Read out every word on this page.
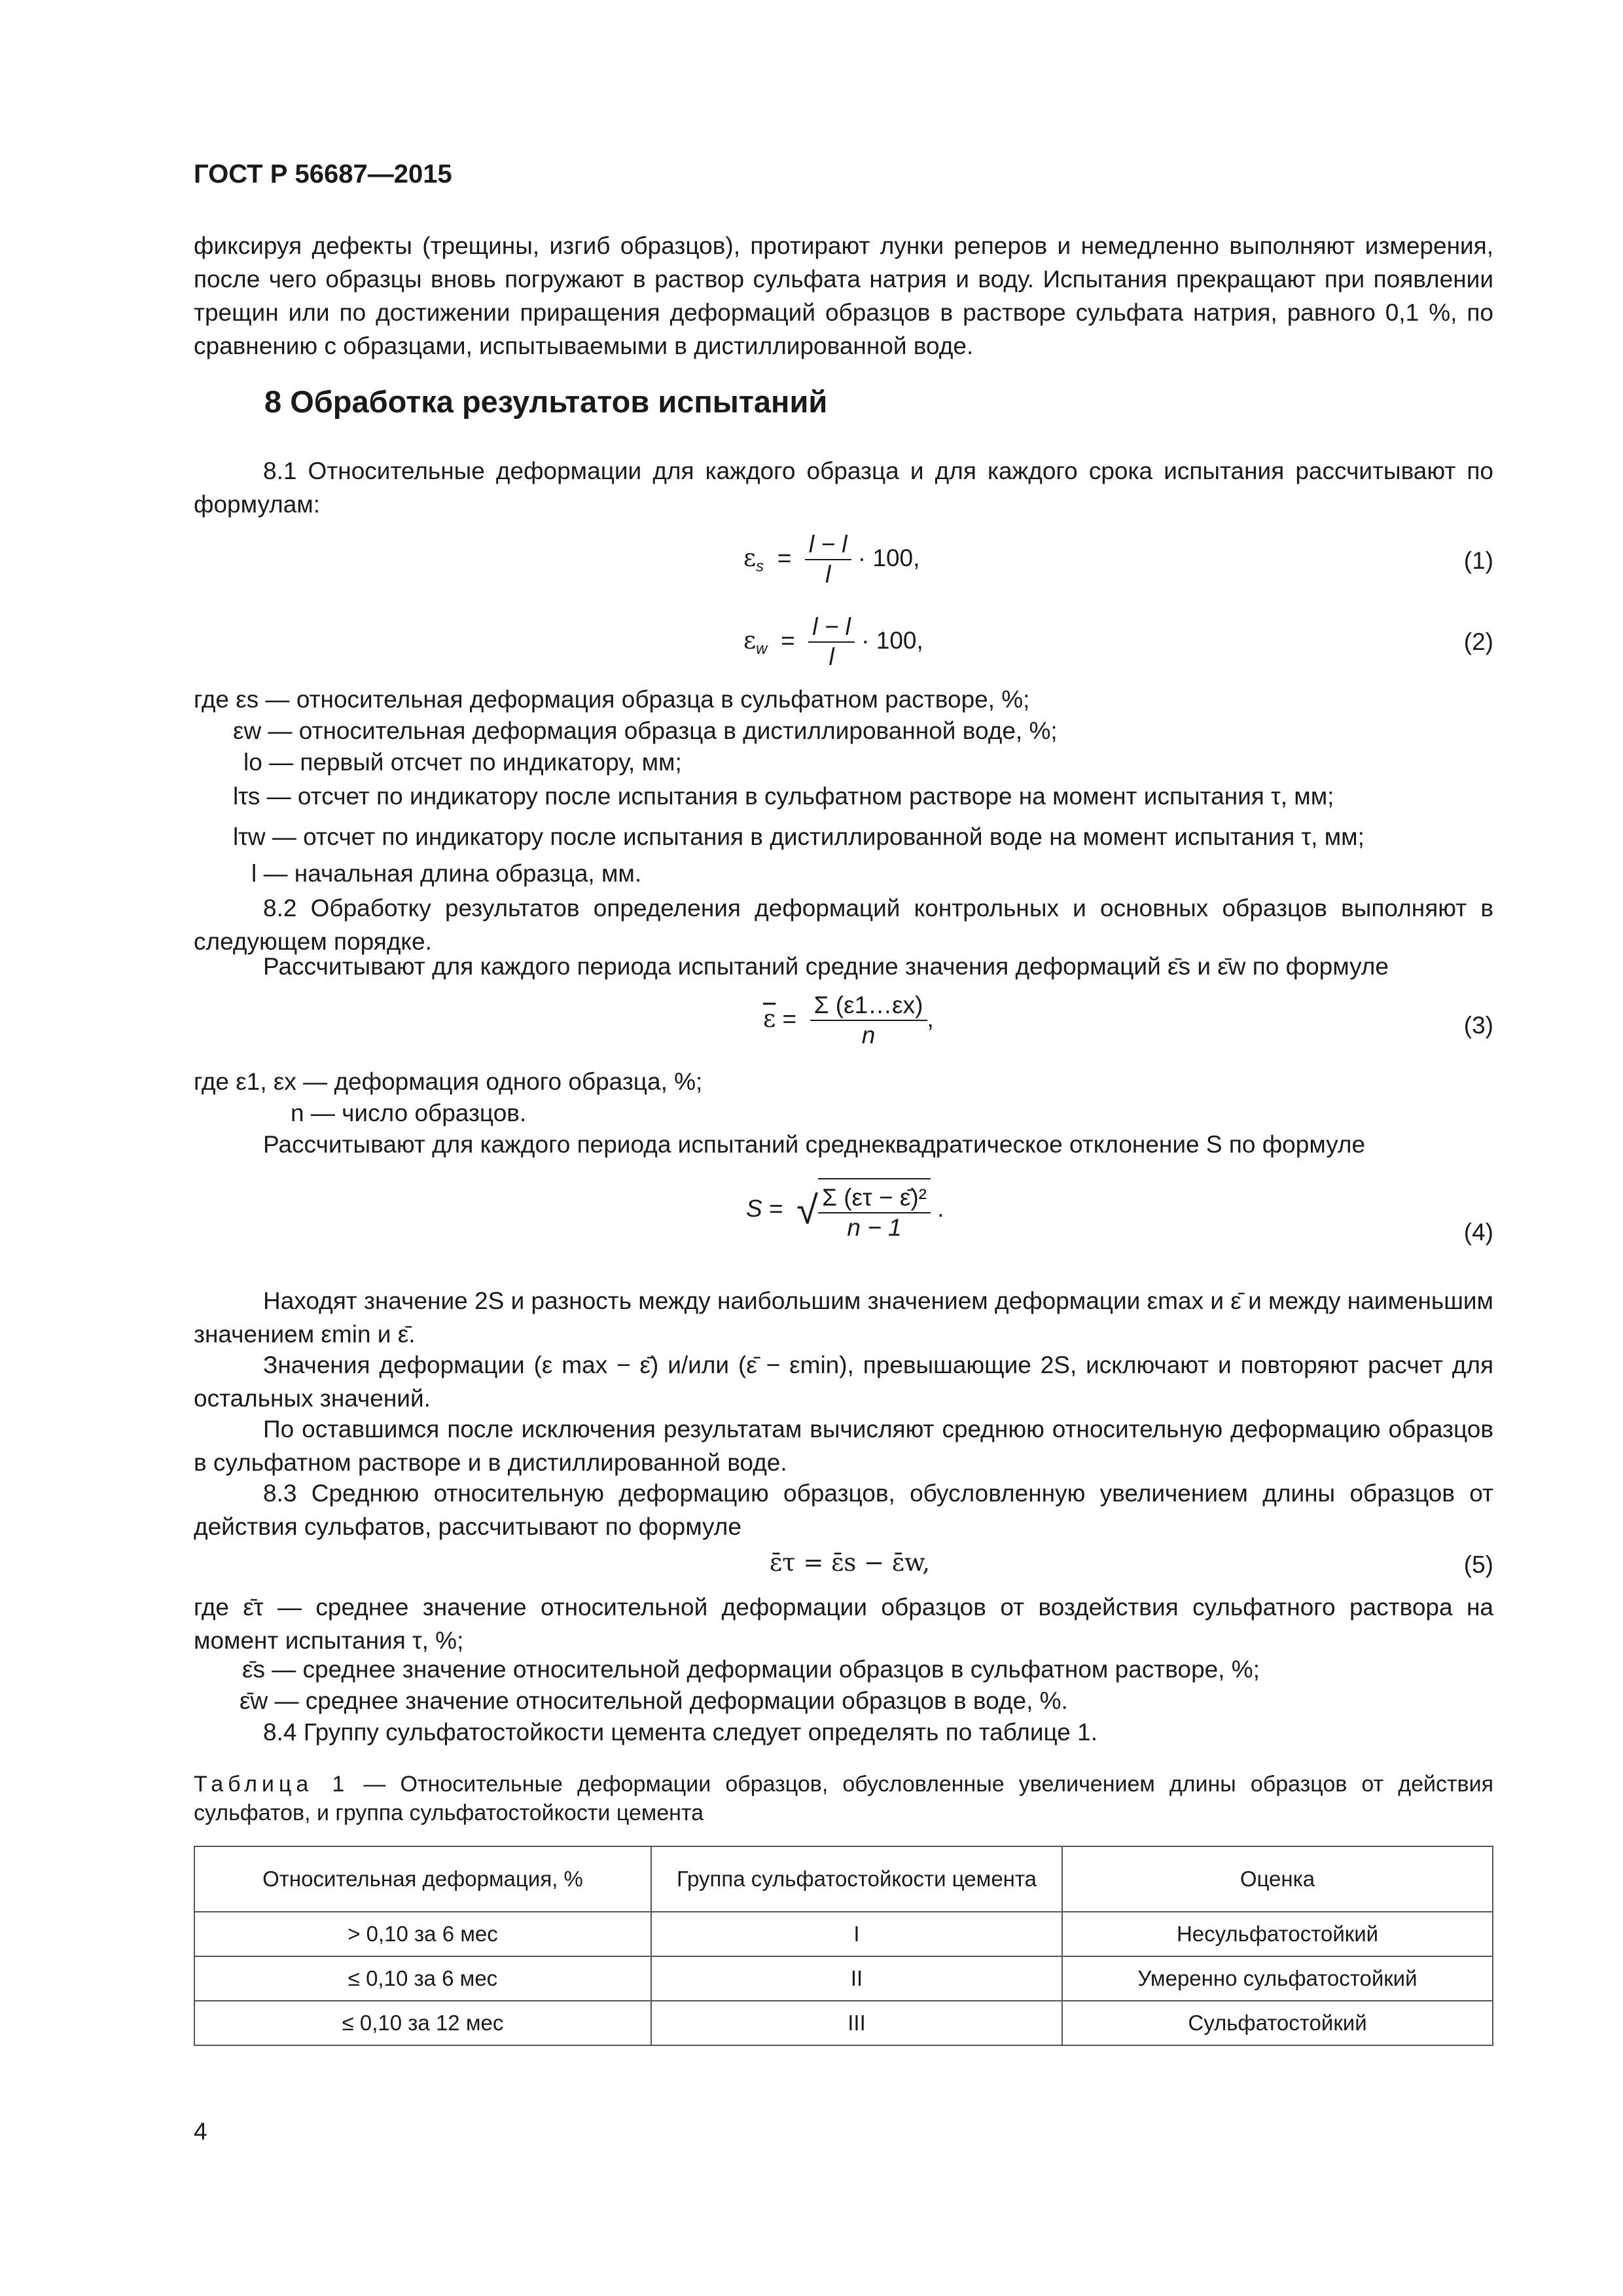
ГОСТ Р 56687—2015
фиксируя дефекты (трещины, изгиб образцов), протирают лунки реперов и немедленно выполняют измерения, после чего образцы вновь погружают в раствор сульфата натрия и воду. Испытания прекращают при появлении трещин или по достижении приращения деформаций образцов в растворе сульфата натрия, равного 0,1 %, по сравнению с образцами, испытываемыми в дистиллированной воде.
8 Обработка результатов испытаний
8.1 Относительные деформации для каждого образца и для каждого срока испытания рассчитывают по формулам:
$\varepsilon_s = \frac{l - l}{l} \cdot 100$,	(1)
$\varepsilon_w = \frac{l - l}{l} \cdot 100$,	(2)
где εs — относительная деформация образца в сульфатном растворе, %;
εw — относительная деформация образца в дистиллированной воде, %;
lo — первый отсчет по индикатору, мм;
lτs — отсчет по индикатору после испытания в сульфатном растворе на момент испытания τ, мм;
lτw — отсчет по индикатору после испытания в дистиллированной воде на момент испытания τ, мм;
l — начальная длина образца, мм.
8.2 Обработку результатов определения деформаций контрольных и основных образцов выполняют в следующем порядке.
Рассчитывают для каждого периода испытаний средние значения деформаций ε̄s и ε̄w по формуле
$\overline{\varepsilon} = \frac{\Sigma (\varepsilon 1\dots\varepsilon x)}{n}$ ,	(3)
где ε1, εx — деформация одного образца, %;
n — число образцов.
Рассчитывают для каждого периода испытаний среднеквадратическое отклонение S по формуле
S =  √ $\frac{\text{Σ (ετ − ε̄)²}}{n - 1}$ .
(4)
Находят значение 2S и разность между наибольшим значением деформации εmax и ε̄ и между наименьшим значением εmin и ε̄.
Значения деформации (ε max − ε̄) и/или (ε̄ − εmin), превышающие 2S, исключают и повторяют расчет для остальных значений.
По оставшимся после исключения результатам вычисляют среднюю относительную деформацию образцов в сульфатном растворе и в дистиллированной воде.
8.3 Среднюю относительную деформацию образцов, обусловленную увеличением длины образцов от действия сульфатов, рассчитывают по формуле
ε̄τ = ε̄s − ε̄w,	(5)
где ε̄τ — среднее значение относительной деформации образцов от воздействия сульфатного раствора на момент испытания τ, %;
ε̄s — среднее значение относительной деформации образцов в сульфатном растворе, %;
ε̄w — среднее значение относительной деформации образцов в воде, %.
8.4 Группу сульфатостойкости цемента следует определять по таблице 1.
Таблица 1 — Относительные деформации образцов, обусловленные увеличением длины образцов от действия сульфатов, и группа сульфатостойкости цемента
Относительная деформация, %	Группа сульфатостойкости цемента	Оценка
> 0,10 за 6 мес	I	Несульфатостойкий
≤ 0,10 за 6 мес	II	Умеренно сульфатостойкий
≤ 0,10 за 12 мес	III	Сульфатостойкий
4
